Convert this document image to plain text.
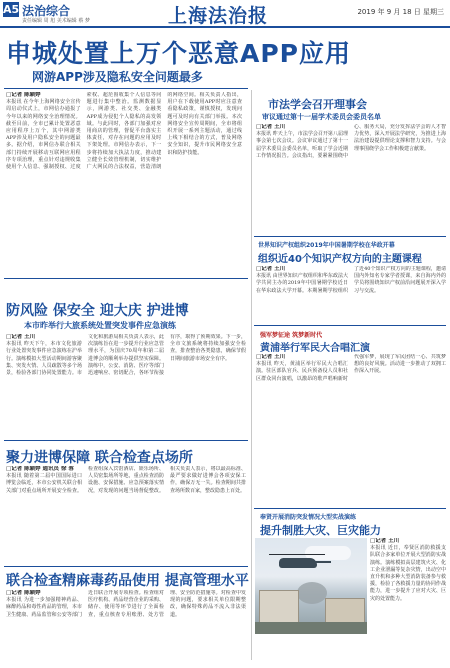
A5 法治综合
责任编辑 周 旭 美术编辑 蔡 梦	上海法治报	2019 年 9 月 18 日 星期三
申城处置上万个恶意APP应用
网游APP涉及隐私安全问题最多
□记者 陈颖婷
本报讯 在今年上海网络安全宣传周启动仪式上，市网信办通报了今年以来的网络安全治理情况。截至目前，全市已累计处置恶意应用程序上万个，其中网游类APP涉及用户隐私安全的问题最多。据介绍，市网信办联合相关部门持续开展移动互联网应用程序专项治理，重点针对违规收集使用个人信息、强制授权、过度索权、超范围收集个人信息等问题进行集中整治。监测数据显示，网游类、社交类、金融类APP成为侵犯个人隐私的高发领域。与此同时，各部门加强对应用商店的管理，督促平台落实主体责任，对存在问题的应用及时下架处理。市网信办表示，下一步将持续加大执法力度，推动建立健全长效管理机制，切实维护广大网民的合法权益，营造清朗的网络空间。相关负责人指出，用户在下载使用APP时应注意查看隐私政策，谨慎授权，发现问题可及时向有关部门举报。本次网络安全宣传周期间，全市将组织开展一系列主题活动，通过线上线下相结合的方式，普及网络安全知识，提升市民网络安全意识和防护技能。
防风险 保安全 迎大庆 护进博
本市昨举行大旅系统处置突发事件应急演练
□记者 王川
本报讯 昨天下午，本市文化旅游行业处置突发事件应急演练在沪举行。演练模拟大型活动期间游客聚集、突发火情、人员疏散等多个场景，检验各部门协同处置能力。市文化和旅游局相关负责人表示，此次演练旨在进一步提升行业应急管理水平，为国庆70周年和第二届进博会的顺利举办提供坚实保障。演练中，公安、消防、医疗等部门迅速响应、密切配合，各环节衔接有序，取得了预期效果。下一步，全市文旅系统将持续加强安全检查，排查整治各类隐患，确保节假日期间旅游市场安全有序。
聚力进博保障 联合检查点场所
□记者 陈颖婷 通讯员 徐 蓉
本报讯 随着第二届中国国际进口博览会临近，本市公安机关联合相关部门对重点场所开展安全检查。检查组深入宾馆酒店、娱乐场所、人员密集场所等地，重点检查消防设施、安保措施、应急预案落实情况，对发现的问题当场督促整改。相关负责人表示，将以最高标准、最严要求做好进博会各项安保工作，确保万无一失。检查期间共排查场所数百家，整改隐患上百处。
联合检查精麻毒药品使用 提高管理水平
□记者 陈颖婷
本报讯 为进一步加强精神药品、麻醉药品和毒性药品的管理，本市卫生健康、药品监管和公安等部门近日联合开展专项检查。检查组对医疗机构、药品经营企业的采购、储存、使用等环节进行了全面检查，重点核查专用账册、处方管理、安全防范措施等。对检查中发现的问题，要求相关单位限期整改，确保特殊药品不流入非法渠道。
市法学会召开理事会
审议通过第十一届学术委员会委员名单
□记者 王川
本报讯 昨天上午，市法学会召开第八届理事会第七次会议。会议审议通过了第十一届学术委员会委员名单，听取了学会近期工作情况报告。会议指出，要紧紧围绕中心、服务大局，充分发挥法学会的人才智力优势，深入开展法学研究，为推进上海法治建设提供理论支撑和智力支持。与会理事围绕学会工作积极建言献策。
世界知识产权组织2019年中国暑期学校在华政开幕
组织近40个知识产权方向的主题课程
□记者 王川
本报讯 由世界知识产权组织和华东政法大学共同主办的2019年中国暑期学校近日在华东政法大学开幕。本期暑期学校组织了近40个知识产权方向的主题课程，邀请国内外知名专家学者授课，来自海内外的学员将围绕知识产权前沿问题展开深入学习与交流。
强军梦征途 筑梦新时代
黄浦举行军民大合唱汇演
□记者 王川
本报讯 昨天，黄浦区举行军民大合唱汇演。驻区部队官兵、民兵预备役人员和社区群众同台演唱，以激昂的歌声唱响新时代强军梦，展现了军民团结一心、共筑梦想的良好风貌。活动进一步推动了双拥工作深入开展。
奉贤开展消防突发情况大型实战演练
提升制胜大灾、巨灾能力
□记者 王川
本报讯 近日，奉贤区消防救援支队联合多家单位开展大型消防实战演练。演练模拟高层建筑火灾、化工企业泄漏等复杂灾情，出动空中直升机和多种大型消防装备参与救援，检验了各救援力量的协同作战能力，进一步提升了应对大灾、巨灾的处置能力。
